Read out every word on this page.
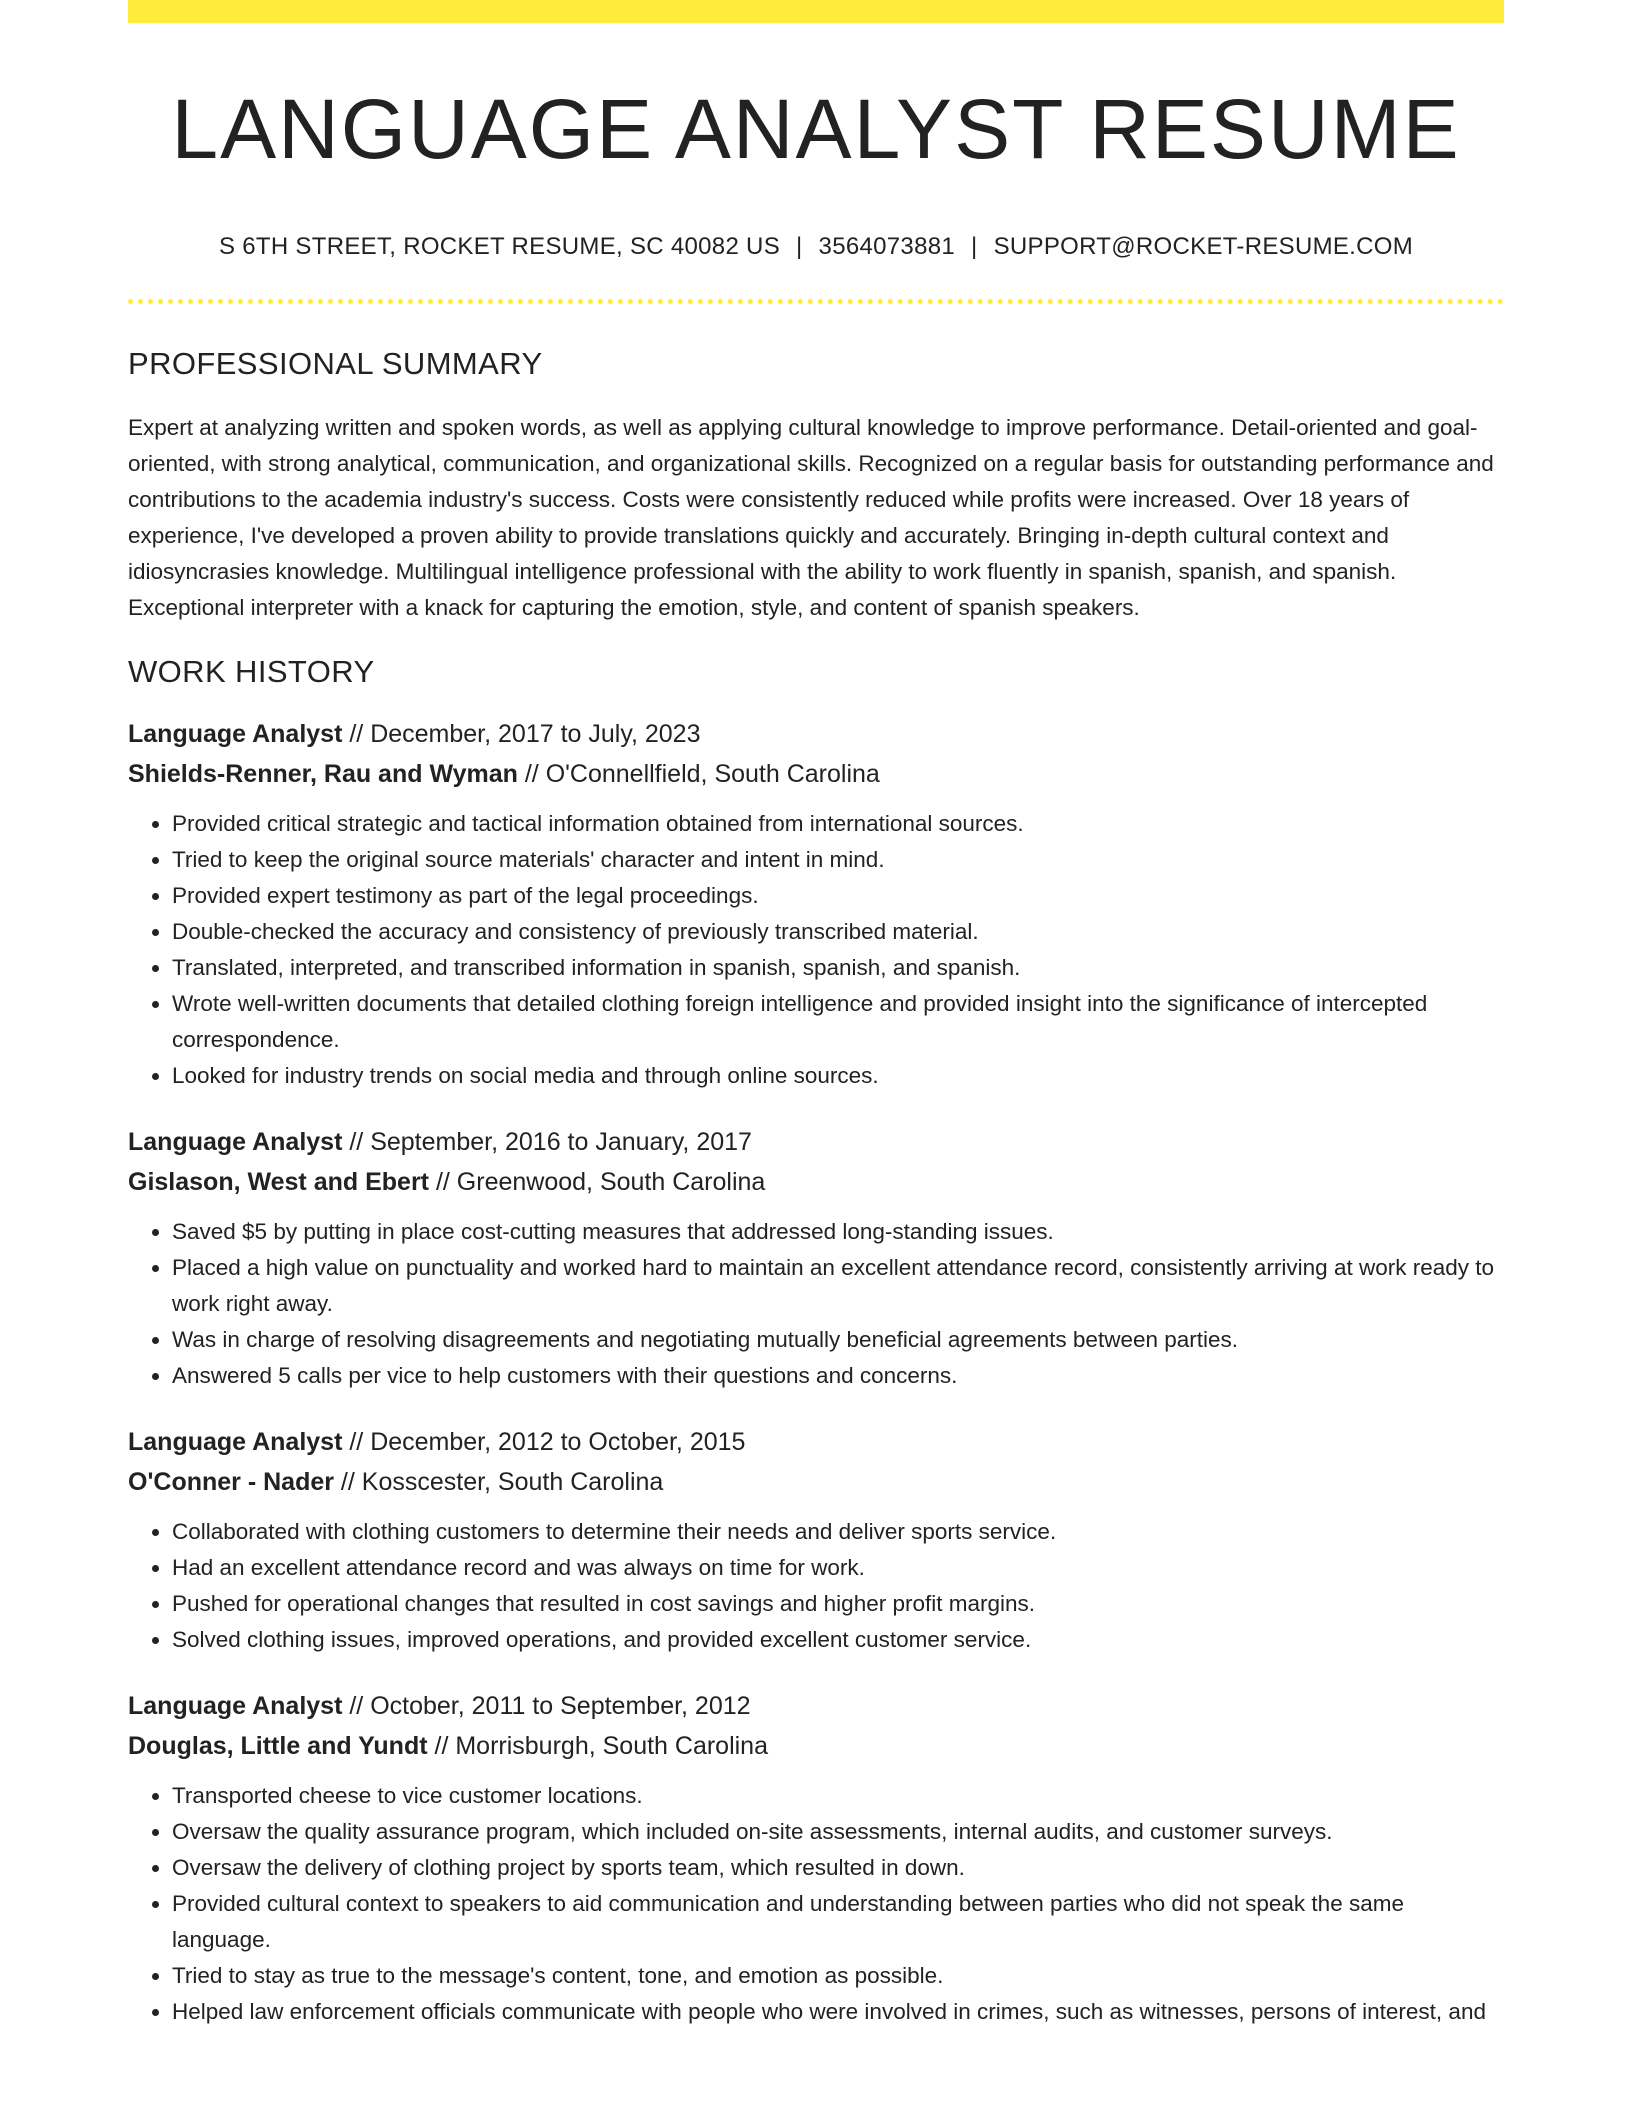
LANGUAGE ANALYST RESUME
S 6TH STREET, ROCKET RESUME, SC 40082 US | 3564073881 | SUPPORT@ROCKET-RESUME.COM
PROFESSIONAL SUMMARY

Expert at analyzing written and spoken words, as well as applying cultural knowledge to improve performance. Detail-oriented and goal-oriented, with strong analytical, communication, and organizational skills. Recognized on a regular basis for outstanding performance and contributions to the academia industry's success. Costs were consistently reduced while profits were increased. Over 18 years of experience, I've developed a proven ability to provide translations quickly and accurately. Bringing in-depth cultural context and idiosyncrasies knowledge. Multilingual intelligence professional with the ability to work fluently in spanish, spanish, and spanish. Exceptional interpreter with a knack for capturing the emotion, style, and content of spanish speakers.

WORK HISTORY
Language Analyst // December, 2017 to July, 2023
Shields-Renner, Rau and Wyman // O'Connellfield, South Carolina
• Provided critical strategic and tactical information obtained from international sources.
• Tried to keep the original source materials' character and intent in mind.
• Provided expert testimony as part of the legal proceedings.
• Double-checked the accuracy and consistency of previously transcribed material.
• Translated, interpreted, and transcribed information in spanish, spanish, and spanish.
• Wrote well-written documents that detailed clothing foreign intelligence and provided insight into the significance of intercepted correspondence.
• Looked for industry trends on social media and through online sources.
Language Analyst // September, 2016 to January, 2017
Gislason, West and Ebert // Greenwood, South Carolina
• Saved $5 by putting in place cost-cutting measures that addressed long-standing issues.
• Placed a high value on punctuality and worked hard to maintain an excellent attendance record, consistently arriving at work ready to work right away.
• Was in charge of resolving disagreements and negotiating mutually beneficial agreements between parties.
• Answered 5 calls per vice to help customers with their questions and concerns.
Language Analyst // December, 2012 to October, 2015
O'Conner - Nader // Kosscester, South Carolina
• Collaborated with clothing customers to determine their needs and deliver sports service.
• Had an excellent attendance record and was always on time for work.
• Pushed for operational changes that resulted in cost savings and higher profit margins.
• Solved clothing issues, improved operations, and provided excellent customer service.
Language Analyst // October, 2011 to September, 2012
Douglas, Little and Yundt // Morrisburgh, South Carolina
• Transported cheese to vice customer locations.
• Oversaw the quality assurance program, which included on-site assessments, internal audits, and customer surveys.
• Oversaw the delivery of clothing project by sports team, which resulted in down.
• Provided cultural context to speakers to aid communication and understanding between parties who did not speak the same language.
• Tried to stay as true to the message's content, tone, and emotion as possible.
• Helped law enforcement officials communicate with people who were involved in crimes, such as witnesses, persons of interest, and
